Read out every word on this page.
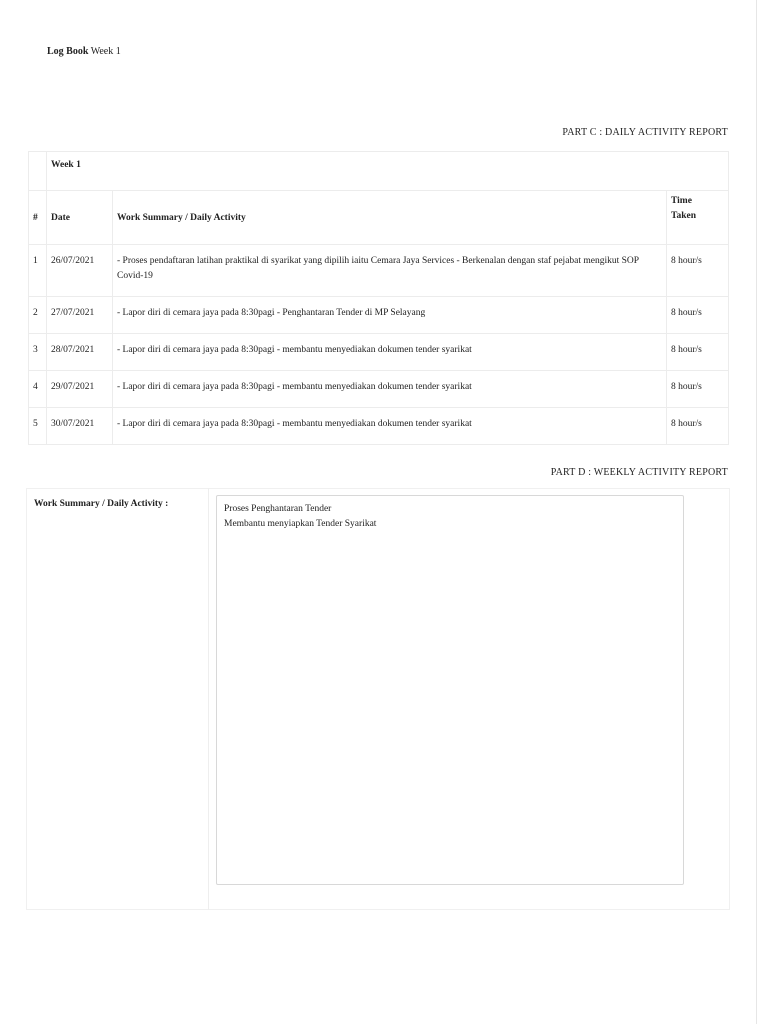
Log Book Week 1
PART C : DAILY ACTIVITY REPORT
	Week 1		
#	Date	Work Summary / Daily Activity	Time
Taken
1	26/07/2021	- Proses pendaftaran latihan praktikal di syarikat yang dipilih iaitu Cemara Jaya Services - Berkenalan dengan staf pejabat mengikut SOP Covid-19	8 hour/s
2	27/07/2021	- Lapor diri di cemara jaya pada 8:30pagi - Penghantaran Tender di MP Selayang	8 hour/s
3	28/07/2021	- Lapor diri di cemara jaya pada 8:30pagi - membantu menyediakan dokumen tender syarikat	8 hour/s
4	29/07/2021	- Lapor diri di cemara jaya pada 8:30pagi - membantu menyediakan dokumen tender syarikat	8 hour/s
5	30/07/2021	- Lapor diri di cemara jaya pada 8:30pagi - membantu menyediakan dokumen tender syarikat	8 hour/s
PART D : WEEKLY ACTIVITY REPORT
Work Summary / Daily Activity :	Proses Penghantaran Tender
Membantu menyiapkan Tender Syarikat
